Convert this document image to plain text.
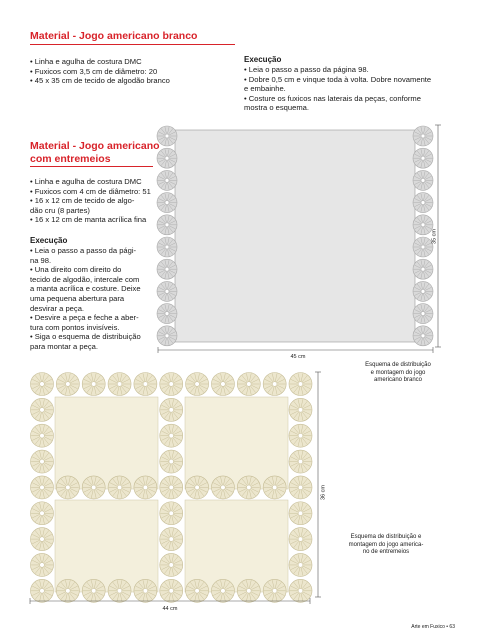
Material - Jogo americano branco

• Linha e agulha de costura DMC

• Fuxicos com 3,5 cm de diâmetro: 20

• 45 x 35 cm de tecido de algodão branco

Execução

• Leia o passo a passo da página 98.

• Dobre 0,5 cm e vinque toda à volta. Dobre novamente

e embainhe.

• Costure os fuxicos nas laterais da peças, conforme

mostra o esquema.

Material - Jogo americano
com entremeios

• Linha e agulha de costura DMC

• Fuxicos com 4 cm de diâmetro: 51

• 16 x 12 cm de tecido de algo-

dão cru (8 partes)

• 16 x 12 cm de manta acrílica fina

Execução

• Leia o passo a passo da pági-

na 98.

• Una direito com direito do

tecido de algodão, intercale com

a manta acrílica e costure. Deixe

uma pequena abertura para

desvirar a peça.

• Desvire a peça e feche a aber-

tura com pontos invisíveis.

• Siga o esquema de distribuição

para montar a peça.

45 cm
35 cm
Esquema de distribuição
e montagem do jogo
americano branco
44 cm
36 cm
Esquema de distribuição e
montagem do jogo america-
no de entremeios
Arte em Fuxico • 63
